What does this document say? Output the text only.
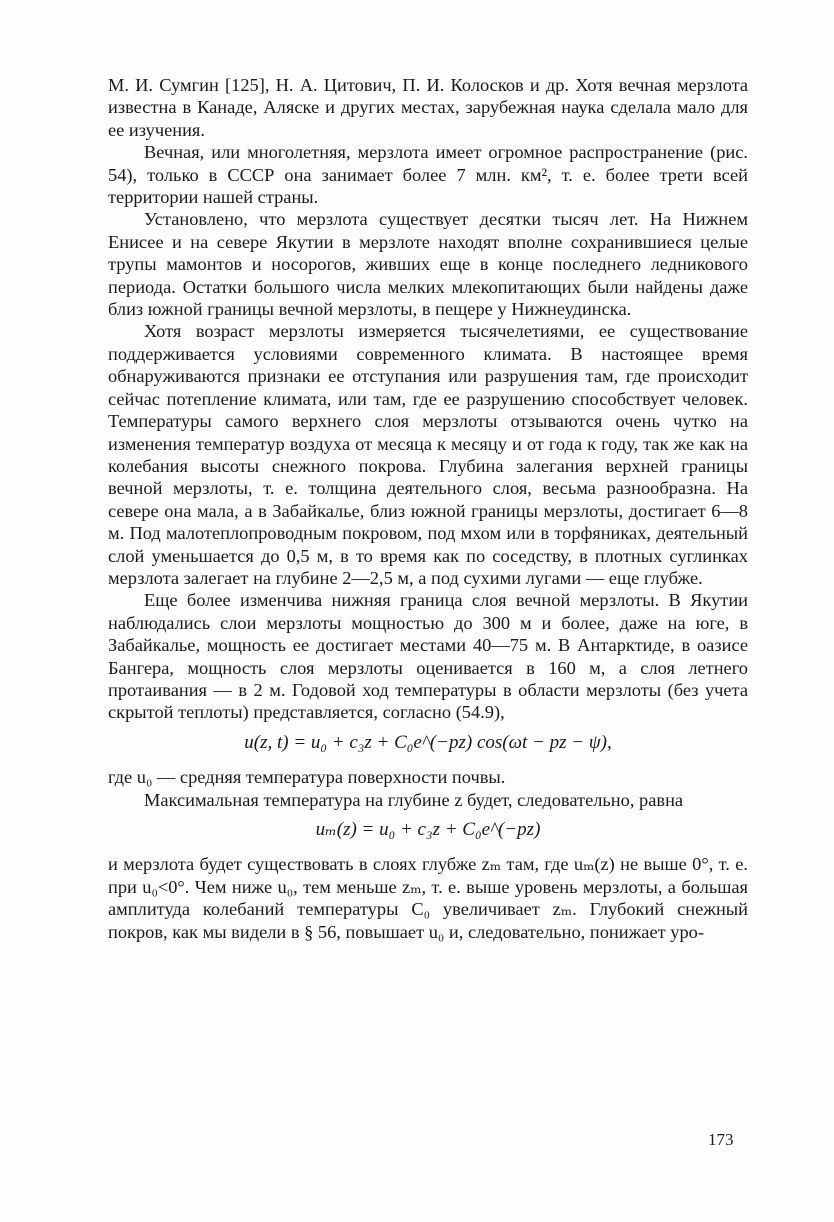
М. И. Сумгин [125], Н. А. Цитович, П. И. Колосков и др. Хотя вечная мерзлота известна в Канаде, Аляске и других местах, зарубежная наука сделала мало для ее изучения.

Вечная, или многолетняя, мерзлота имеет огромное распространение (рис. 54), только в СССР она занимает более 7 млн. км², т. е. более трети всей территории нашей страны.

Установлено, что мерзлота существует десятки тысяч лет. На Нижнем Енисее и на севере Якутии в мерзлоте находят вполне сохранившиеся целые трупы мамонтов и носорогов, живших еще в конце последнего ледникового периода. Остатки большого числа мелких млекопитающих были найдены даже близ южной границы вечной мерзлоты, в пещере у Нижнеудинска.

Хотя возраст мерзлоты измеряется тысячелетиями, ее существование поддерживается условиями современного климата. В настоящее время обнаруживаются признаки ее отступания или разрушения там, где происходит сейчас потепление климата, или там, где ее разрушению способствует человек. Температуры самого верхнего слоя мерзлоты отзываются очень чутко на изменения температур воздуха от месяца к месяцу и от года к году, так же как на колебания высоты снежного покрова. Глубина залегания верхней границы вечной мерзлоты, т. е. толщина деятельного слоя, весьма разнообразна. На севере она мала, а в Забайкалье, близ южной границы мерзлоты, достигает 6—8 м. Под малотеплопроводным покровом, под мхом или в торфяниках, деятельный слой уменьшается до 0,5 м, в то время как по соседству, в плотных суглинках мерзлота залегает на глубине 2—2,5 м, а под сухими лугами — еще глубже.

Еще более изменчива нижняя граница слоя вечной мерзлоты. В Якутии наблюдались слои мерзлоты мощностью до 300 м и более, даже на юге, в Забайкалье, мощность ее достигает местами 40—75 м. В Антарктиде, в оазисе Бангера, мощность слоя мерзлоты оценивается в 160 м, а слоя летнего протаивания — в 2 м. Годовой ход температуры в области мерзлоты (без учета скрытой теплоты) представляется, согласно (54.9),

u(z, t) = u₀ + c₃z + C₀e^(−pz) cos(ωt − pz − ψ),

где u₀ — средняя температура поверхности почвы.

Максимальная температура на глубине z будет, следовательно, равна

uₘ(z) = u₀ + c₃z + C₀e^(−pz)

и мерзлота будет существовать в слоях глубже zₘ там, где uₘ(z) не выше 0°, т. е. при u₀<0°. Чем ниже u₀, тем меньше zₘ, т. е. выше уровень мерзлоты, а большая амплитуда колебаний температуры C₀ увеличивает zₘ. Глубокий снежный покров, как мы видели в § 56, повышает u₀ и, следовательно, понижает уро-

173
